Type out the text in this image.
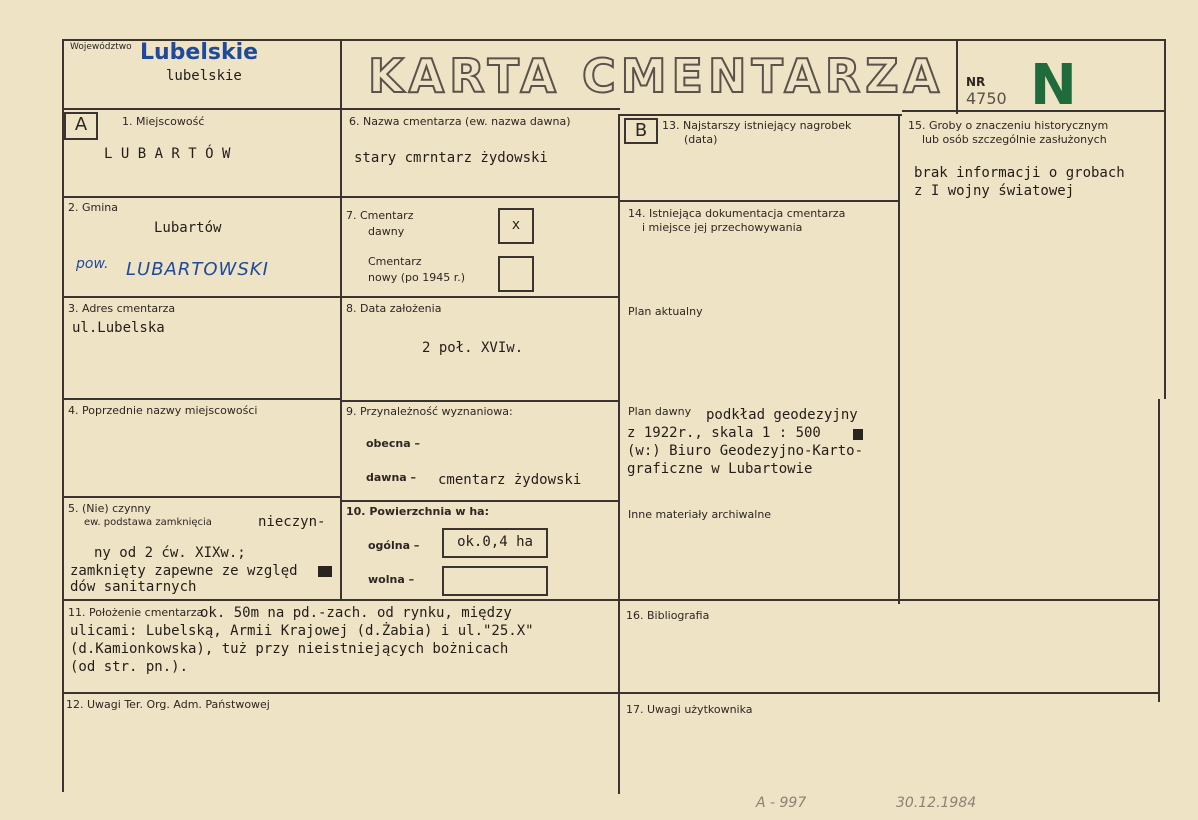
Województwo Lubelskie
lubelskie	KARTA CMENTARZA NR
4750 N
A	1. Miejscowość
L U B A R T Ó W
2. Gmina
Lubartów
pow. LUBARTOWSKI
3. Adres cmentarza
ul.Lubelska
4. Poprzednie nazwy miejscowości
5. (Nie) czynny
ew. podstawa zamknięcia	nieczyn-
ny od 2 ćw. XIXw.;
zamknięty zapewne ze względ
dów sanitarnych
6. Nazwa cmentarza (ew. nazwa dawna)
stary cmrntarz żydowski
7. Cmentarz
dawny	x
Cmentarz
nowy (po 1945 r.)
8. Data założenia
2 poł. XVIw.
9. Przynależność wyznaniowa:
obecna –
dawna – cmentarz żydowski
10. Powierzchnia w ha:
ogólna –	ok.0,4 ha
wolna –
B	13. Najstarszy istniejący nagrobek
(data)
14. Istniejąca dokumentacja cmentarza
i miejsce jej przechowywania
Plan aktualny
Plan dawny podkład geodezyjny
z 1922r., skala 1 : 500
(w:) Biuro Geodezyjno-Karto-
graficzne w Lubartowie
Inne materiały archiwalne
15. Groby o znaczeniu historycznym
lub osób szczególnie zasłużonych
brak informacji o grobach
z I wojny światowej
11. Położenie cmentarza
ok. 50m na pd.-zach. od rynku, między
ulicami: Lubelską, Armii Krajowej (d.Żabia) i ul."25.X"
(d.Kamionkowska), tuż przy nieistniejących bożnicach
(od str. pn.).
16. Bibliografia
12. Uwagi Ter. Org. Adm. Państwowej	17. Uwagi użytkownika
A - 997	30.12.1984
